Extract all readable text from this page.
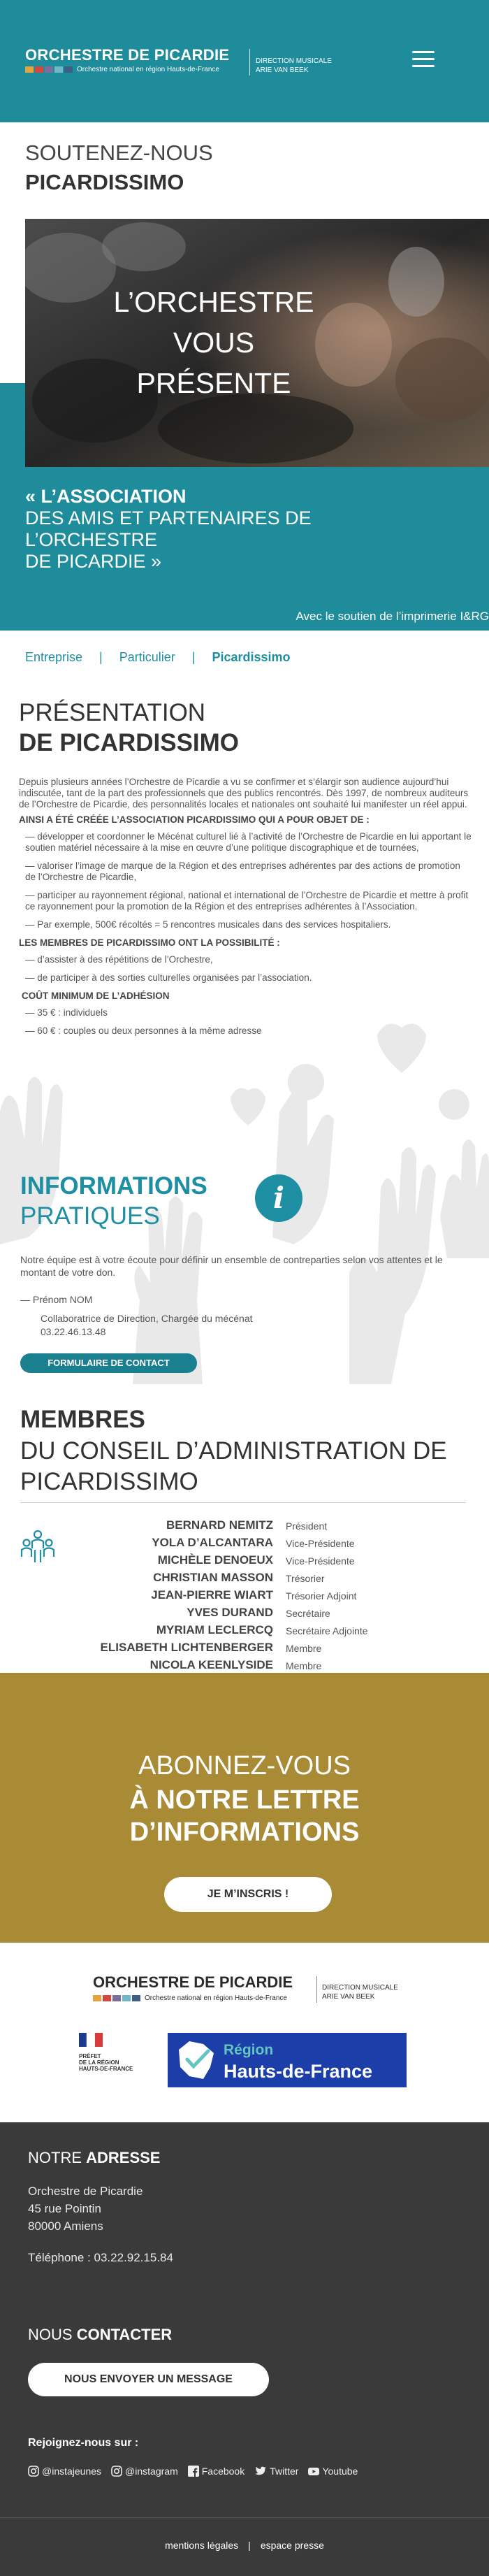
ORCHESTRE DE PICARDIE
Orchestre national en région Hauts-de-France
DIRECTION MUSICALE
ARIE VAN BEEK
SOUTENEZ-NOUS
PICARDISSIMO
L’ORCHESTRE
VOUS
PRÉSENTE
« L’ASSOCIATION
DES AMIS ET PARTENAIRES DE L’ORCHESTRE
DE PICARDIE »
Avec le soutien de l’imprimerie I&RG
Entreprise | Particulier | Picardissimo
PRÉSENTATION
DE PICARDISSIMO

Depuis plusieurs années l’Orchestre de Picardie a vu se confirmer et s’élargir son audience aujourd’hui indiscutée, tant de la part des professionnels que des publics rencontrés. Dès 1997, de nombreux auditeurs de l’Orchestre de Picardie, des personnalités locales et nationales ont souhaité lui manifester un réel appui.

AINSI A ÉTÉ CRÉÉE L’ASSOCIATION PICARDISSIMO QUI A POUR OBJET DE :

— développer et coordonner le Mécénat culturel lié à l’activité de l’Orchestre de Picardie en lui apportant le soutien matériel nécessaire à la mise en œuvre d’une politique discographique et de tournées,

— valoriser l’image de marque de la Région et des entreprises adhérentes par des actions de promotion de l’Orchestre de Picardie,

— participer au rayonnement régional, national et international de l’Orchestre de Picardie et mettre à profit ce rayonnement pour la promotion de la Région et des entreprises adhérentes à l’Association.

— Par exemple, 500€ récoltés = 5 rencontres musicales dans des services hospitaliers.

LES MEMBRES DE PICARDISSIMO ONT LA POSSIBILITÉ :

— d’assister à des répétitions de l’Orchestre,

— de participer à des sorties culturelles organisées par l’association.

COÛT MINIMUM DE L’ADHÉSION

— 35 € : individuels

— 60 € : couples ou deux personnes à la même adresse

INFORMATIONS
PRATIQUES
i
Notre équipe est à votre écoute pour définir un ensemble de contreparties selon vos attentes et le montant de votre don.
— Prénom NOM
Collaboratrice de Direction, Chargée du mécénat
03.22.46.13.48
FORMULAIRE DE CONTACT
MEMBRES
DU CONSEIL D’ADMINISTRATION DE PICARDISSIMO
BERNARD NEMITZ Président
YOLA D’ALCANTARA Vice-Présidente
MICHÈLE DENOEUX Vice-Présidente
CHRISTIAN MASSON Trésorier
JEAN-PIERRE WIART Trésorier Adjoint
YVES DURAND Secrétaire
MYRIAM LECLERCQ Secrétaire Adjointe
ELISABETH LICHTENBERGER Membre
NICOLA KEENLYSIDE Membre
ABONNEZ-VOUS
À NOTRE LETTRE
D’INFORMATIONS
JE M’INSCRIS !
ORCHESTRE DE PICARDIE
Orchestre national en région Hauts-de-France
DIRECTION MUSICALE
ARIE VAN BEEK
PRÉFET
DE LA RÉGION
HAUTS-DE-FRANCE
Région
Hauts-de-France
NOTRE ADRESSE
Orchestre de Picardie
45 rue Pointin
80000 Amiens
Téléphone : 03.22.92.15.84
NOUS CONTACTER
NOUS ENVOYER UN MESSAGE
Rejoignez-nous sur :
@instajeunes @instagram Facebook	Twitter Youtube
mentions légales | espace presse
